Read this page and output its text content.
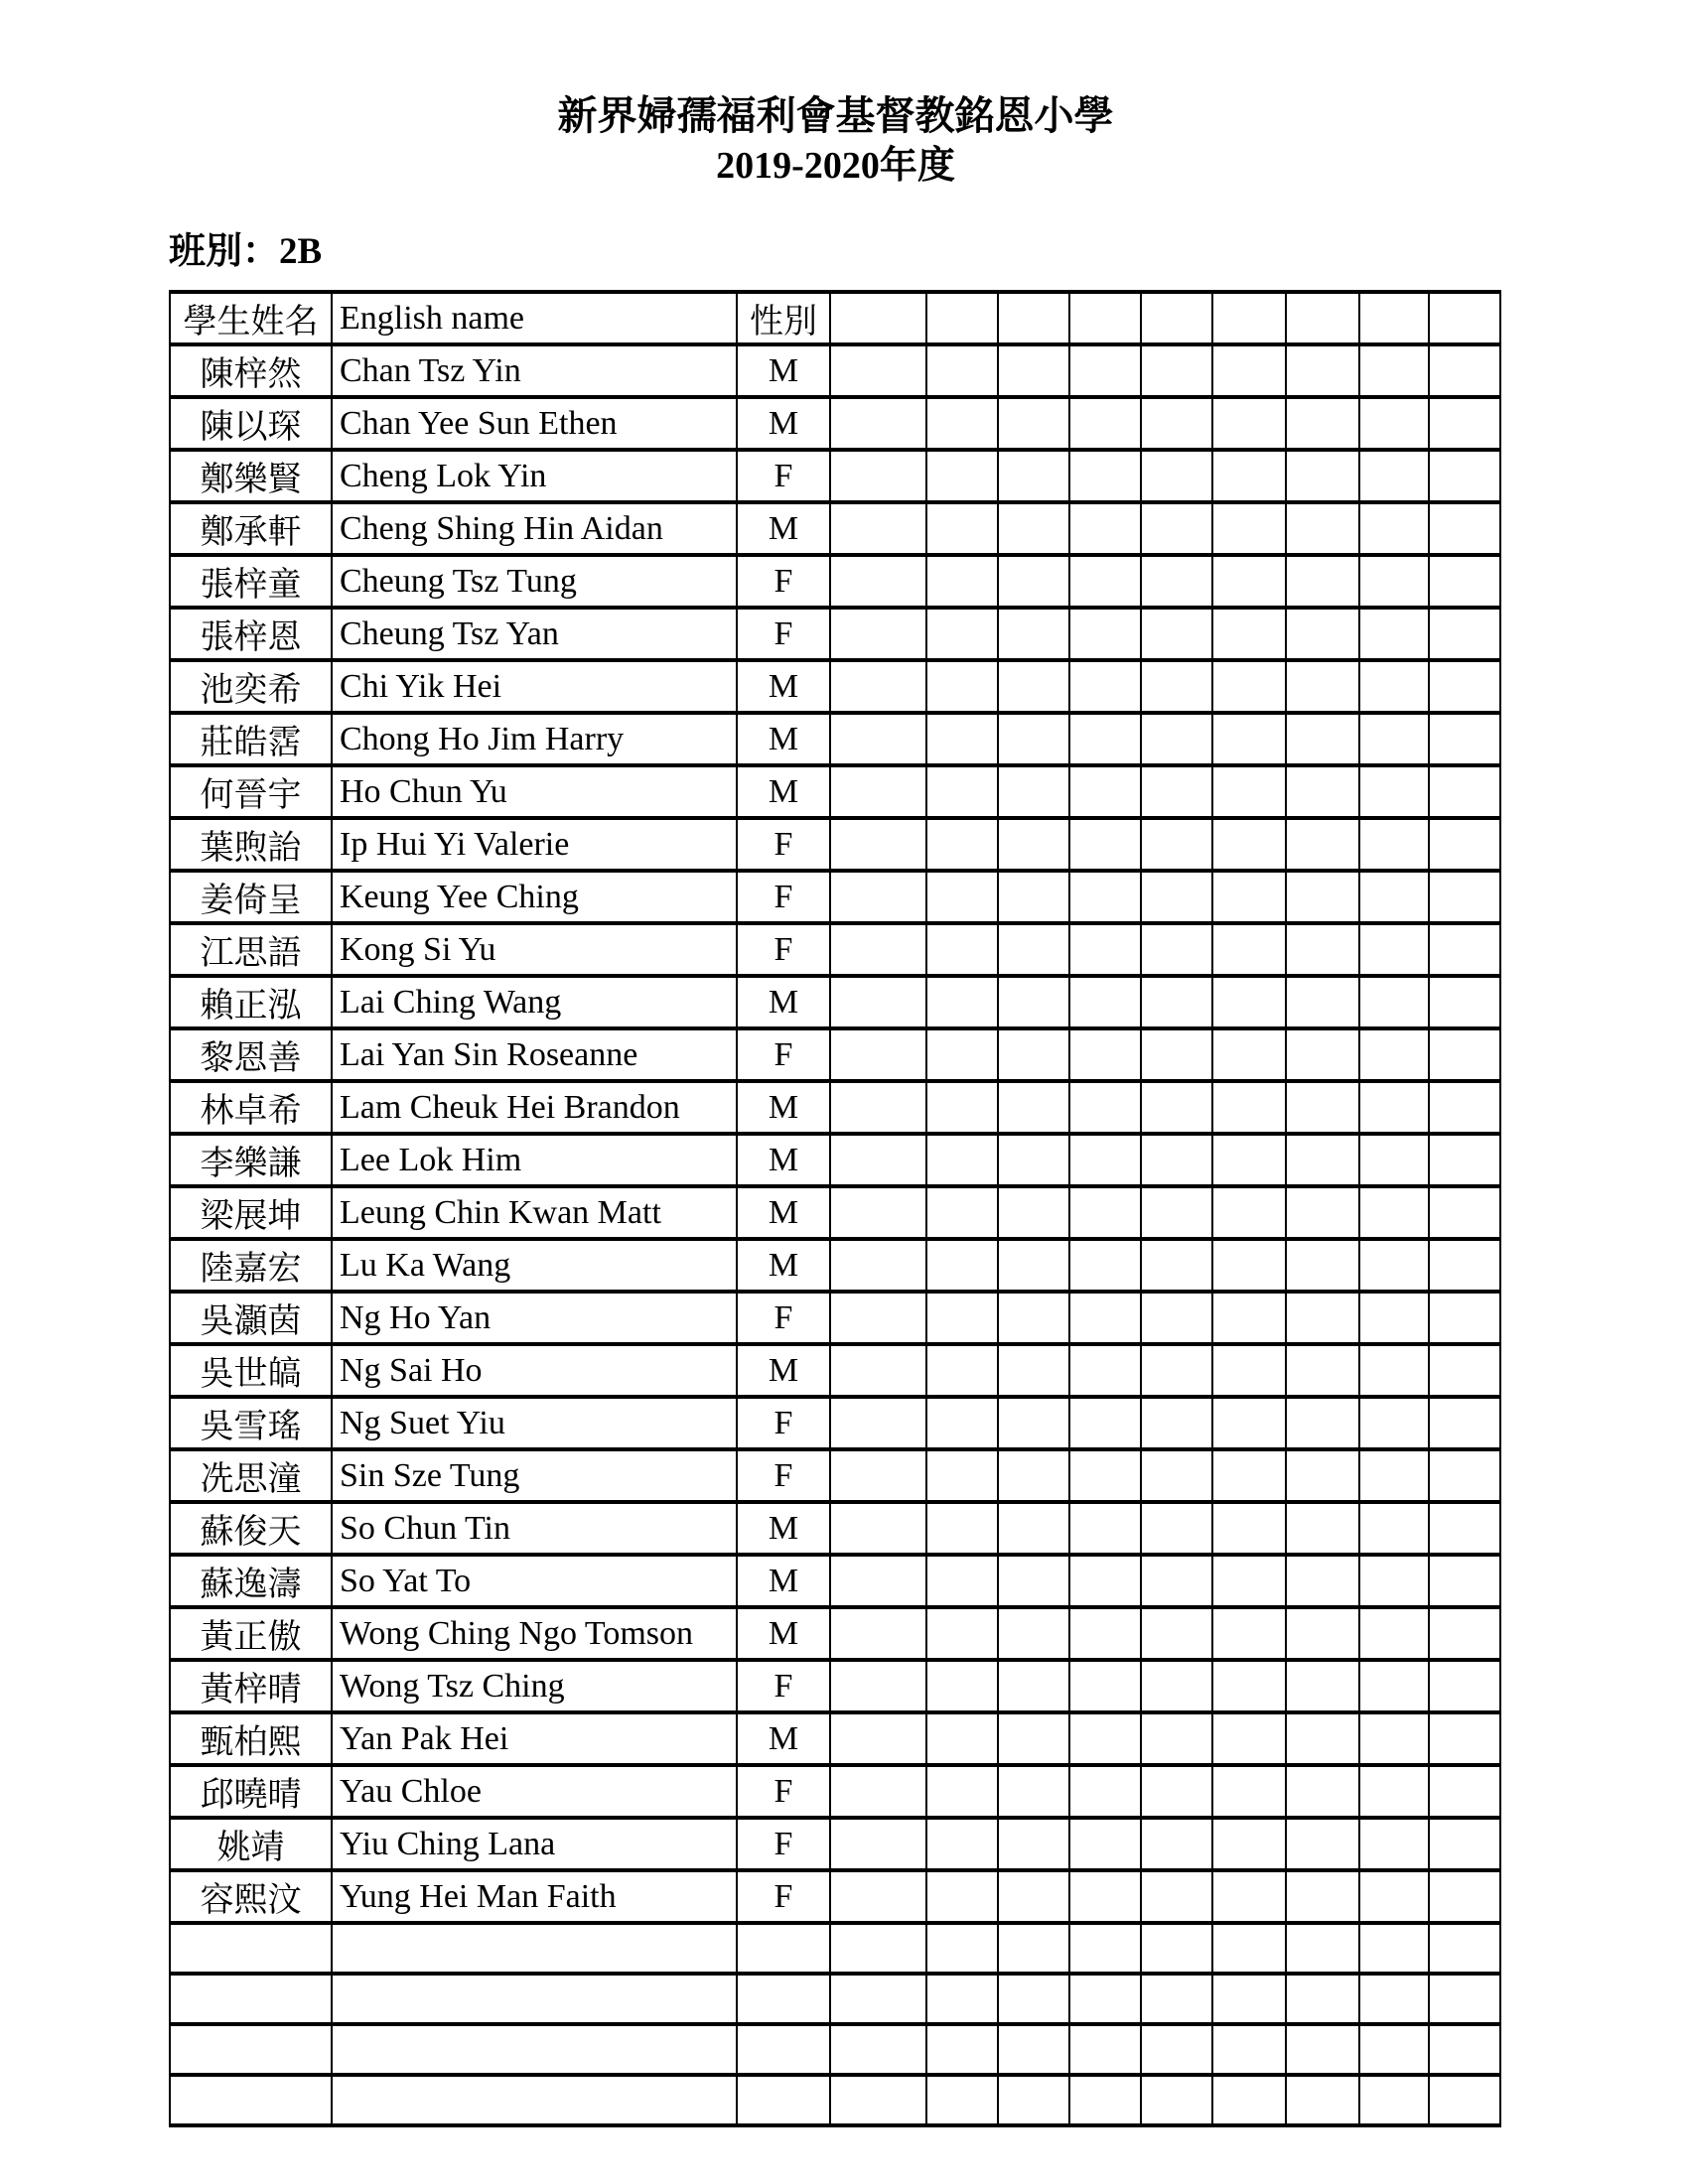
新界婦孺福利會基督教銘恩小學
2019-2020年度
班別：2B
學生姓名	English name	性別									
陳梓然	Chan Tsz Yin	M									
陳以琛	Chan Yee Sun Ethen	M									
鄭樂賢	Cheng Lok Yin	F									
鄭承軒	Cheng Shing Hin Aidan	M									
張梓童	Cheung Tsz Tung	F									
張梓恩	Cheung Tsz Yan	F									
池奕希	Chi Yik Hei	M									
莊皓霑	Chong Ho Jim Harry	M									
何晉宇	Ho Chun Yu	M									
葉煦詒	Ip Hui Yi Valerie	F									
姜倚呈	Keung Yee Ching	F									
江思語	Kong Si Yu	F									
賴正泓	Lai Ching Wang	M									
黎恩善	Lai Yan Sin Roseanne	F									
林卓希	Lam Cheuk Hei Brandon	M									
李樂謙	Lee Lok Him	M									
梁展坤	Leung Chin Kwan Matt	M									
陸嘉宏	Lu Ka Wang	M									
吳灝茵	Ng Ho Yan	F									
吳世皜	Ng Sai Ho	M									
吳雪瑤	Ng Suet Yiu	F									
冼思潼	Sin Sze Tung	F									
蘇俊天	So Chun Tin	M									
蘇逸濤	So Yat To	M									
黃正傲	Wong Ching Ngo Tomson	M									
黃梓晴	Wong Tsz Ching	F									
甄柏熙	Yan Pak Hei	M									
邱曉晴	Yau Chloe	F									
姚靖	Yiu Ching Lana	F									
容熙汶	Yung Hei Man Faith	F									
